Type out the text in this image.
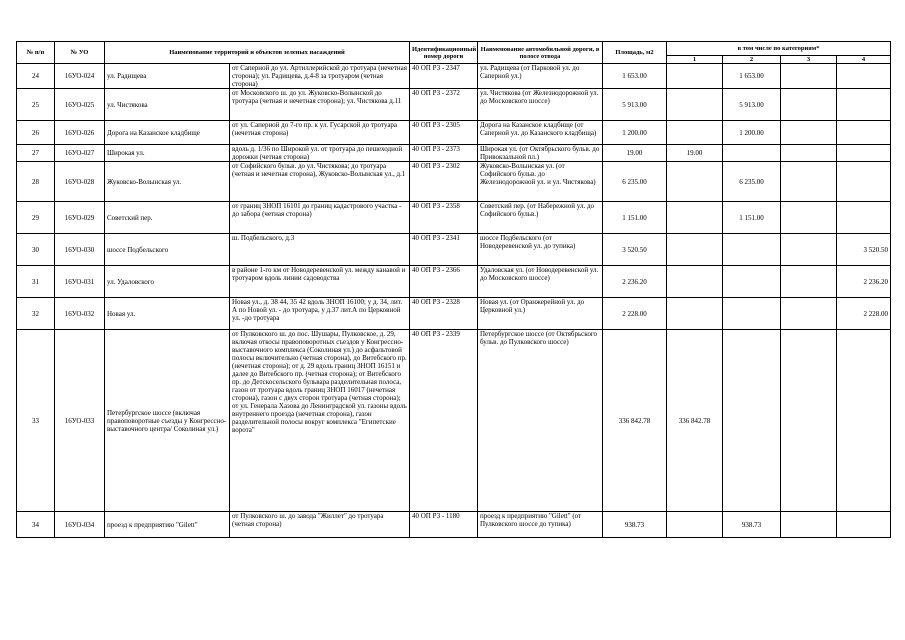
№ п/п	№ УО	Наименование территорий и объектов зеленых насаждений		Идентификационный номер дороги	Наименование автомобильной дороги, в полосе отвода	Площадь, м2	в том числе по категориям*			
							1	2	3	4
24	16УО-024	ул. Радищева	от Саперной до ул. Артиллерийской до тротуара (нечетная сторона); ул. Радищева, д.4-8 за тротуаром (четная сторона)	40 ОП РЗ - 2347	ул. Радищева (от Парковой ул. до Саперной ул.)	1 653.00		1 653.00		
25	16УО-025	ул. Чистякова	от Московского ш. до ул. Жуковско-Волынской до тротуара (четная и нечетная сторона); ул. Чистякова д.11	40 ОП РЗ - 2372	ул. Чистякова (от Железнодорожной ул. до Московского шоссе)	5 913.00		5 913.00		
26	16УО-026	Дорога на Казанское кладбище	от ул. Саперной до 7-го пр. к ул. Гусарской до тротуара (нечетная сторона)	40 ОП РЗ - 2305	Дорога на Казанское кладбище (от Саперной ул. до Казанского кладбища)	1 200.00		1 200.00		
27	16УО-027	Широкая ул.	вдоль д. 1/36 по Широкой ул. от тротуара до пешеходной дорожки (четная сторона)	40 ОП РЗ - 2373	Широкая ул. (от Октябрьского бульв. до Привокзальной пл.)	19.00	19.00			
28	16УО-028	Жуковско-Волынская ул.	от Софийского бульв. до ул. Чистякова; до тротуара (четная и нечетная сторона), Жуковско-Волынская ул., д.1	40 ОП РЗ - 2302	Жуковско-Волынская ул. (от Софийского бульв. до Железнодорожной ул. и ул. Чистякова)	6 235.00		6 235.00		
29	16УО-029	Советский пер.	от границ ЗНОП 16101 до границ кадастрового участка - до забора (четная сторона)	40 ОП РЗ - 2358	Советский пер. (от Набережной ул. до Софийского бульв.)	1 151.00		1 151.00		
30	16УО-030	шоссе Подбельского	ш. Подбельского, д.3	40 ОП РЗ - 2341	шоссе Подбельского (от Новодеревенской ул. до тупика)	3 520.50				3 520.50
31	16УО-031	ул. Удаловского	в районе 1-го км от Новодеревенской ул. между канавой и тротуаром вдоль линии садоводства	40 ОП РЗ - 2366	Удаловская ул. (от Новодеревенской ул. до Московского шоссе)	2 236.20				2 236.20
32	16УО-032	Новая ул.	Новая ул., д. 38 44, 35 42 вдоль ЗНОП 16100; у д. 34, лит. А по Новой ул. - до тротуара, у д.37 лит.А по Церковной ул. -до тротуара	40 ОП РЗ - 2328	Новая ул. (от Оранжерейной ул. до Церковной ул.)	2 228.00				2 228.00
33	16УО-033	Петербургское шоссе (включая правоповоротные съезды у Конгрессно-выставочного центра/ Соколиная ул.)	от Пулковского ш. до пос. Шушары, Пулковское, д. 29, включая откосы правоповоротных съездов у Конгрессно-выставочного комплекса (Соколиная ул.) до асфальтовой полосы включительно (четная сторона), до Витебского пр. (нечетная сторона); от д. 29 вдоль границ ЗНОП 16151 и далее до Витебского пр. (четная сторона); от Витебского пр. до Детскосельского бульвара разделительная полоса, газон от тротуара вдоль границ ЗНОП 16017 (нечетная сторона), газон с двух сторон тротуара (четная сторона); от ул. Генерала Хазова до Ленинградской ул. газоны вдоль внутреннего проезда (нечетная сторона), газон разделительной полосы вокруг комплекса "Египетские ворота"	40 ОП РЗ - 2339	Петербургское шоссе (от Октябрьского бульв. до Пулковского шоссе)	336 842.78	336 842.78			
34	16УО-034	проезд к предприятию "Gilett"	от Пулковского ш. до завода "Жиллет" до тротуара (четная сторона)	40 ОП РЗ - 1180	проезд к предприятию "Gilett" (от Пулковского шоссе до тупика)	938.73		938.73		
